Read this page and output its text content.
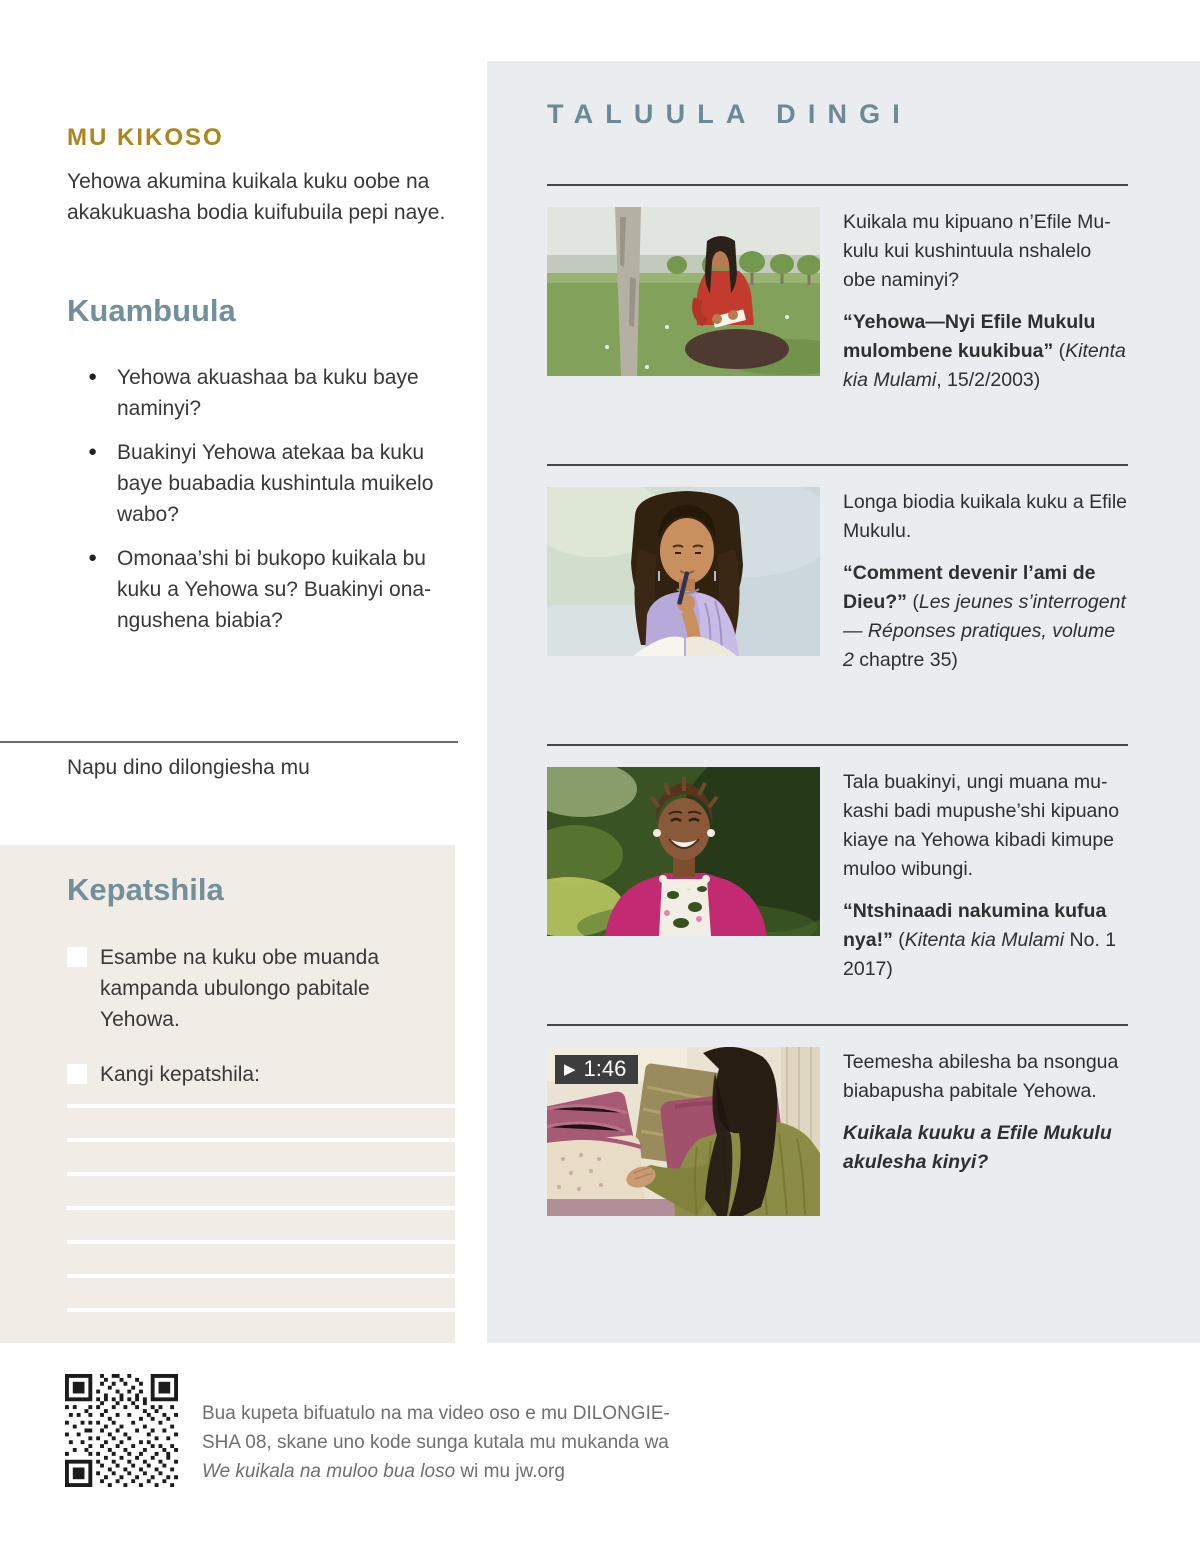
MU KIKOSO

Yehowa akumina kuikala kuku oobe na akakukuasha bodia kuifubuila pepi naye.

Kuambuula
● Yehowa akuashaa ba kuku baye naminyi?
● Buakinyi Yehowa atekaa ba kuku baye buabadia kushintula muikelo wabo?
● Omonaa’shi bi bukopo kuikala bu kuku a Yehowa su? Buakinyi onangushena biabia?

Napu dino dilongiesha mu

Kepatshila
Esambe na kuku obe muanda kampanda ubulongo pabitale Yehowa.
Kangi kepatshila:
TALUULA DINGI

Kuikala mu kipuano n’Efile Mukulu kui kushintuula nshalelo obe naminyi?

“Yehowa—Nyi Efile Mukulu mulombene kuukibua” (Kitenta kia Mulami, 15/2/2003)

Longa biodia kuikala kuku a Efile Mukulu.

“Comment devenir l’ami de Dieu?” (Les jeunes s’interrogent — Réponses pratiques, volume 2 chaptre 35)

Tala buakinyi, ungi muana mukashi badi mupushe’shi kipuano kiaye na Yehowa kibadi kimupe muloo wibungi.

“Ntshinaadi nakumina kufua nya!” (Kitenta kia Mulami No. 1 2017)

▶ 1:46	Teemesha abilesha ba nsongua biabapusha pabitale Yehowa.

Kuikala kuuku a Efile Mukulu akulesha kinyi?

Bua kupeta bifuatulo na ma video oso e mu DILONGIESHA 08, skane uno kode sunga kutala mu mukanda wa We kuikala na muloo bua loso wi mu jw.org
